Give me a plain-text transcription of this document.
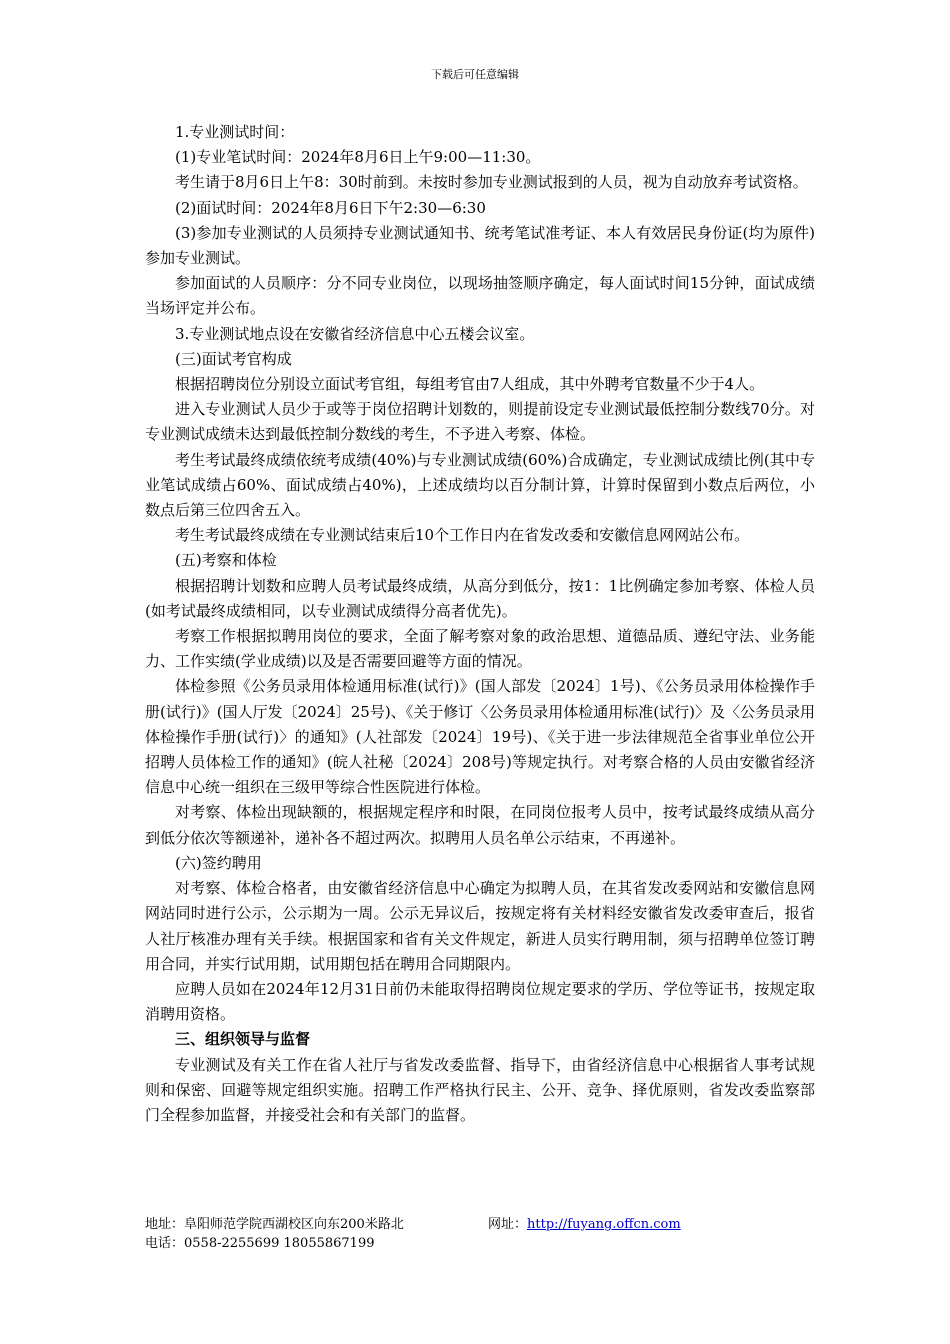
下载后可任意编辑

1.专业测试时间：

(1)专业笔试时间：2024年8月6日上午9:00—11:30。

考生请于8月6日上午8：30时前到。未按时参加专业测试报到的人员，视为自动放弃考试资格。

(2)面试时间：2024年8月6日下午2:30—6:30

(3)参加专业测试的人员须持专业测试通知书、统考笔试准考证、本人有效居民身份证(均为原件)参加专业测试。

参加面试的人员顺序：分不同专业岗位，以现场抽签顺序确定，每人面试时间15分钟，面试成绩当场评定并公布。

3.专业测试地点设在安徽省经济信息中心五楼会议室。

(三)面试考官构成

根据招聘岗位分别设立面试考官组，每组考官由7人组成，其中外聘考官数量不少于4人。

进入专业测试人员少于或等于岗位招聘计划数的，则提前设定专业测试最低控制分数线70分。对专业测试成绩未达到最低控制分数线的考生，不予进入考察、体检。

考生考试最终成绩依统考成绩(40%)与专业测试成绩(60%)合成确定，专业测试成绩比例(其中专业笔试成绩占60%、面试成绩占40%)，上述成绩均以百分制计算，计算时保留到小数点后两位，小数点后第三位四舍五入。

考生考试最终成绩在专业测试结束后10个工作日内在省发改委和安徽信息网网站公布。

(五)考察和体检

根据招聘计划数和应聘人员考试最终成绩，从高分到低分，按1：1比例确定参加考察、体检人员(如考试最终成绩相同，以专业测试成绩得分高者优先)。

考察工作根据拟聘用岗位的要求，全面了解考察对象的政治思想、道德品质、遵纪守法、业务能力、工作实绩(学业成绩)以及是否需要回避等方面的情况。

体检参照《公务员录用体检通用标准(试行)》(国人部发〔2024〕1号)、《公务员录用体检操作手册(试行)》(国人厅发〔2024〕25号)、《关于修订〈公务员录用体检通用标准(试行)〉及〈公务员录用体检操作手册(试行)〉的通知》(人社部发〔2024〕19号)、《关于进一步法律规范全省事业单位公开招聘人员体检工作的通知》(皖人社秘〔2024〕208号)等规定执行。对考察合格的人员由安徽省经济信息中心统一组织在三级甲等综合性医院进行体检。

对考察、体检出现缺额的，根据规定程序和时限，在同岗位报考人员中，按考试最终成绩从高分到低分依次等额递补，递补各不超过两次。拟聘用人员名单公示结束，不再递补。

(六)签约聘用

对考察、体检合格者，由安徽省经济信息中心确定为拟聘人员，在其省发改委网站和安徽信息网网站同时进行公示，公示期为一周。公示无异议后，按规定将有关材料经安徽省发改委审查后，报省人社厅核准办理有关手续。根据国家和省有关文件规定，新进人员实行聘用制，须与招聘单位签订聘用合同，并实行试用期，试用期包括在聘用合同期限内。

应聘人员如在2024年12月31日前仍未能取得招聘岗位规定要求的学历、学位等证书，按规定取消聘用资格。

三、组织领导与监督

专业测试及有关工作在省人社厅与省发改委监督、指导下，由省经济信息中心根据省人事考试规则和保密、回避等规定组织实施。招聘工作严格执行民主、公开、竞争、择优原则，省发改委监察部门全程参加监督，并接受社会和有关部门的监督。

地址：阜阳师范学院西湖校区向东200米路北	网址： http://fuyang.offcn.com
电话：0558-2255699 18055867199
